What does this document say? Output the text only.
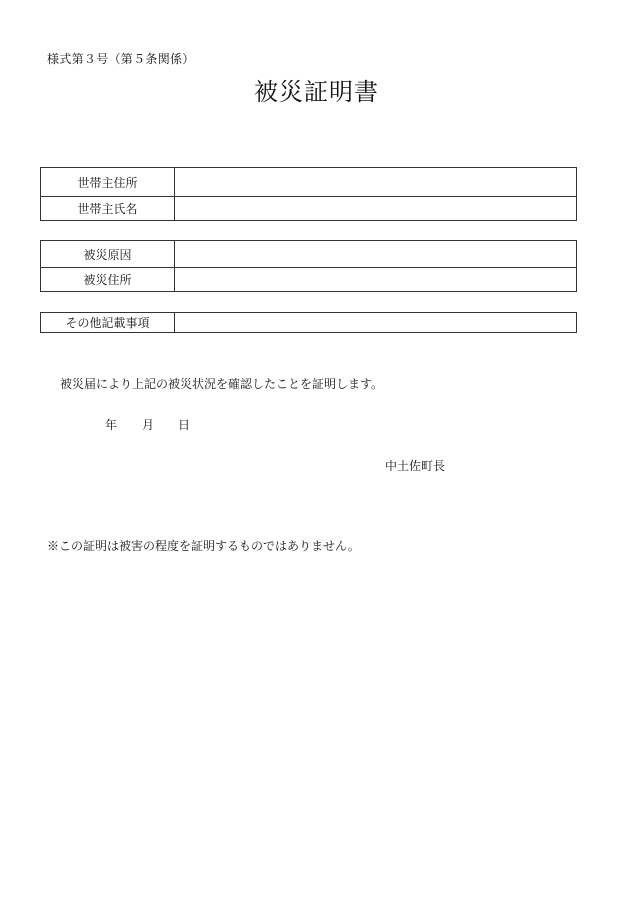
様式第３号（第５条関係）
被災証明書
世帯主住所	
世帯主氏名	
被災原因	
被災住所	
その他記載事項	
被災届により上記の被災状況を確認したことを証明します。
年 月 日
中土佐町長
※この証明は被害の程度を証明するものではありません。
